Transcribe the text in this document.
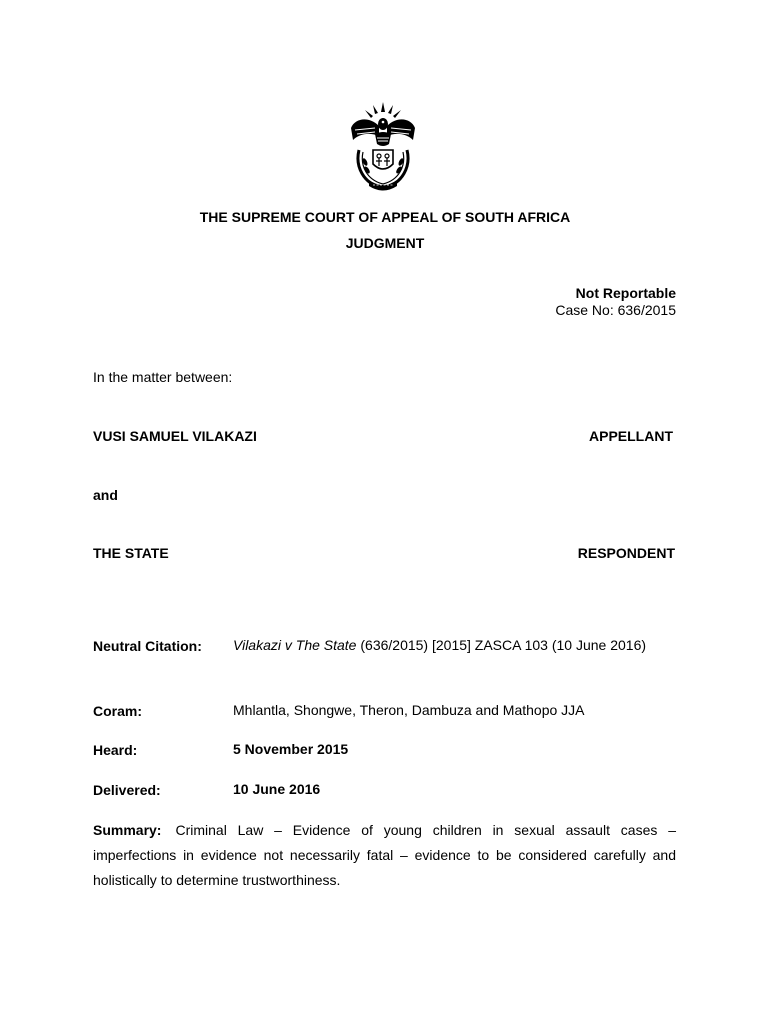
THE SUPREME COURT OF APPEAL OF SOUTH AFRICA
JUDGMENT
Not Reportable
Case No: 636/2015
In the matter between:
VUSI SAMUEL VILAKAZI	APPELLANT
and
THE STATE	RESPONDENT
Neutral Citation: Vilakazi v The State (636/2015) [2015] ZASCA 103 (10 June 2016)
Coram:	Mhlantla, Shongwe, Theron, Dambuza and Mathopo JJA
Heard:	5 November 2015
Delivered:	10 June 2016
Summary: Criminal Law – Evidence of young children in sexual assault cases – imperfections in evidence not necessarily fatal – evidence to be considered carefully and holistically to determine trustworthiness.
